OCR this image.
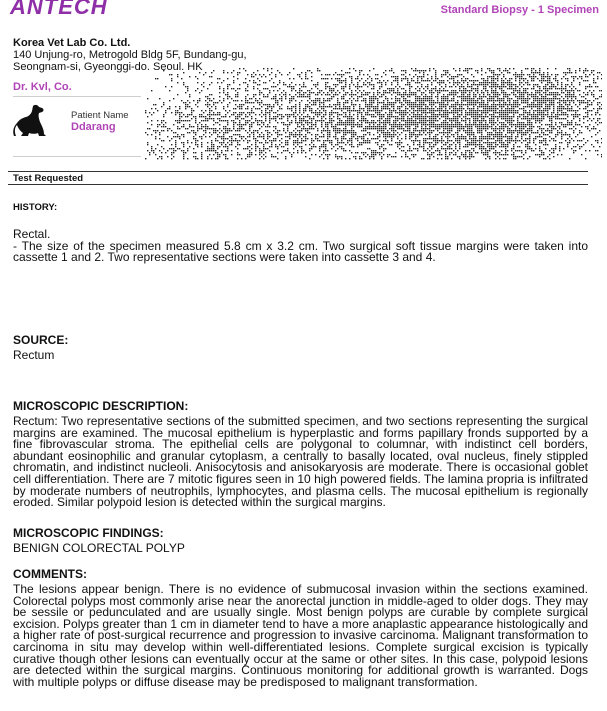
ANTECH	Standard Biopsy - 1 Specimen
Korea Vet Lab Co. Ltd.
140 Unjung-ro, Metrogold Bldg 5F, Bundang-gu,
Seongnam-si, Gyeonggi-do. Seoul. HK
Dr. Kvl, Co.
Patient Name
Ddarang
Test Requested
HISTORY:

Rectal.

- The size of the specimen measured 5.8 cm x 3.2 cm. Two surgical soft tissue margins were taken into cassette 1 and 2. Two representative sections were taken into cassette 3 and 4.

SOURCE:
Rectum
MICROSCOPIC DESCRIPTION:
Rectum: Two representative sections of the submitted specimen, and two sections representing the surgical margins are examined. The mucosal epithelium is hyperplastic and forms papillary fronds supported by a fine fibrovascular stroma. The epithelial cells are polygonal to columnar, with indistinct cell borders, abundant eosinophilic and granular cytoplasm, a centrally to basally located, oval nucleus, finely stippled chromatin, and indistinct nucleoli. Anisocytosis and anisokaryosis are moderate. There is occasional goblet cell differentiation. There are 7 mitotic figures seen in 10 high powered fields. The lamina propria is infiltrated by moderate numbers of neutrophils, lymphocytes, and plasma cells. The mucosal epithelium is regionally eroded. Similar polypoid lesion is detected within the surgical margins.
MICROSCOPIC FINDINGS:
BENIGN COLORECTAL POLYP
COMMENTS:
The lesions appear benign. There is no evidence of submucosal invasion within the sections examined. Colorectal polyps most commonly arise near the anorectal junction in middle-aged to older dogs. They may be sessile or pedunculated and are usually single. Most benign polyps are curable by complete surgical excision. Polyps greater than 1 cm in diameter tend to have a more anaplastic appearance histologically and a higher rate of post-surgical recurrence and progression to invasive carcinoma. Malignant transformation to carcinoma in situ may develop within well-differentiated lesions. Complete surgical excision is typically curative though other lesions can eventually occur at the same or other sites. In this case, polypoid lesions are detected within the surgical margins. Continuous monitoring for additional growth is warranted. Dogs with multiple polyps or diffuse disease may be predisposed to malignant transformation.
